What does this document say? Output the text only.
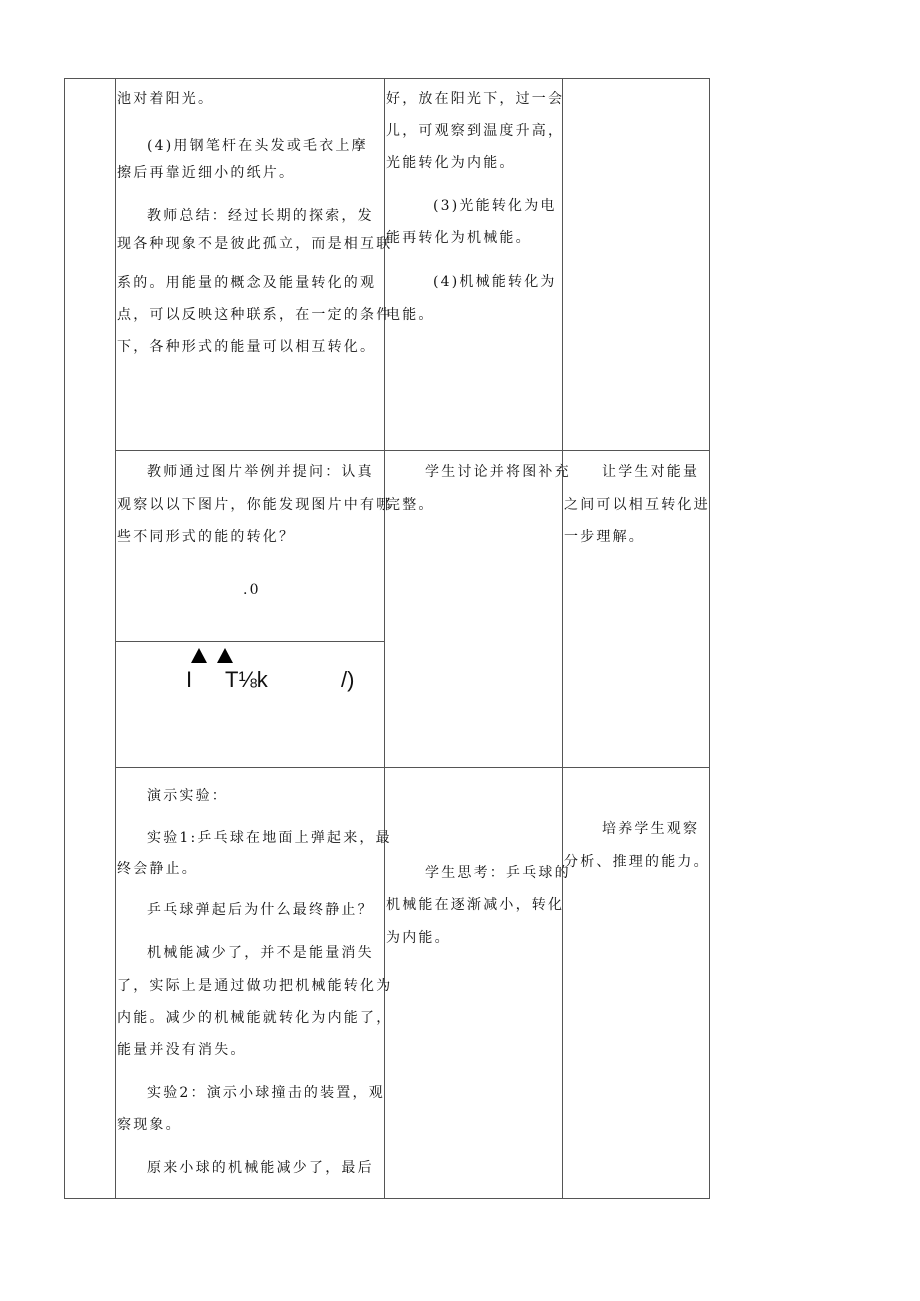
I T⅛k	/)
池对着阳光。
(4)用钢笔杆在头发或毛衣上摩
擦后再靠近细小的纸片。
教师总结：经过长期的探索，发
现各种现象不是彼此孤立，而是相互联
系的。用能量的概念及能量转化的观
点，可以反映这种联系，在一定的条件
下，各种形式的能量可以相互转化。
好，放在阳光下，过一会
儿，可观察到温度升高，
光能转化为内能。
(3)光能转化为电
能再转化为机械能。
(4)机械能转化为
电能。
教师通过图片举例并提问：认真
观察以以下图片，你能发现图片中有哪
些不同形式的能的转化？
.0
学生讨论并将图补充
完整。
让学生对能量
之间可以相互转化进
一步理解。
演示实验：
实验1:乒乓球在地面上弹起来，最
终会静止。
乒乓球弹起后为什么最终静止？
机械能减少了，并不是能量消失
了，实际上是通过做功把机械能转化为
内能。减少的机械能就转化为内能了，
能量并没有消失。
实验2：演示小球撞击的装置，观
察现象。
原来小球的机械能减少了，最后
学生思考：乒乓球的
机械能在逐渐减小，转化
为内能。
培养学生观察
分析、推理的能力。
